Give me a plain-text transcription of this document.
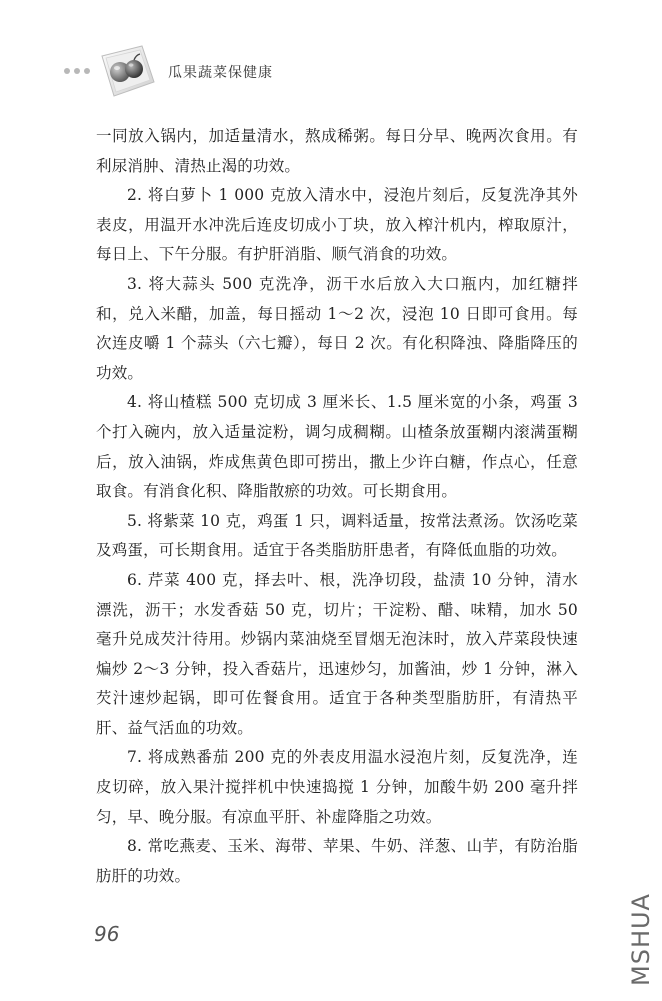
瓜果蔬菜保健康

一同放入锅内，加适量清水，熬成稀粥。每日分早、晚两次食用。有利尿消肿、清热止渴的功效。

2. 将白萝卜 1 000 克放入清水中，浸泡片刻后，反复洗净其外表皮，用温开水冲洗后连皮切成小丁块，放入榨汁机内，榨取原汁，每日上、下午分服。有护肝消脂、顺气消食的功效。

3. 将大蒜头 500 克洗净，沥干水后放入大口瓶内，加红糖拌和，兑入米醋，加盖，每日摇动 1～2 次，浸泡 10 日即可食用。每次连皮嚼 1 个蒜头（六七瓣），每日 2 次。有化积降浊、降脂降压的功效。

4. 将山楂糕 500 克切成 3 厘米长、1.5 厘米宽的小条，鸡蛋 3 个打入碗内，放入适量淀粉，调匀成稠糊。山楂条放蛋糊内滚满蛋糊后，放入油锅，炸成焦黄色即可捞出，撒上少许白糖，作点心，任意取食。有消食化积、降脂散瘀的功效。可长期食用。

5. 将紫菜 10 克，鸡蛋 1 只，调料适量，按常法煮汤。饮汤吃菜及鸡蛋，可长期食用。适宜于各类脂肪肝患者，有降低血脂的功效。

6. 芹菜 400 克，择去叶、根，洗净切段，盐渍 10 分钟，清水漂洗，沥干；水发香菇 50 克，切片；干淀粉、醋、味精，加水 50 毫升兑成芡汁待用。炒锅内菜油烧至冒烟无泡沫时，放入芹菜段快速煸炒 2～3 分钟，投入香菇片，迅速炒匀，加酱油，炒 1 分钟，淋入芡汁速炒起锅，即可佐餐食用。适宜于各种类型脂肪肝，有清热平肝、益气活血的功效。

7. 将成熟番茄 200 克的外表皮用温水浸泡片刻，反复洗净，连皮切碎，放入果汁搅拌机中快速捣搅 1 分钟，加酸牛奶 200 毫升拌匀，早、晚分服。有凉血平肝、补虚降脂之功效。

8. 常吃燕麦、玉米、海带、苹果、牛奶、洋葱、山芋，有防治脂肪肝的功效。

96	MSHUA
